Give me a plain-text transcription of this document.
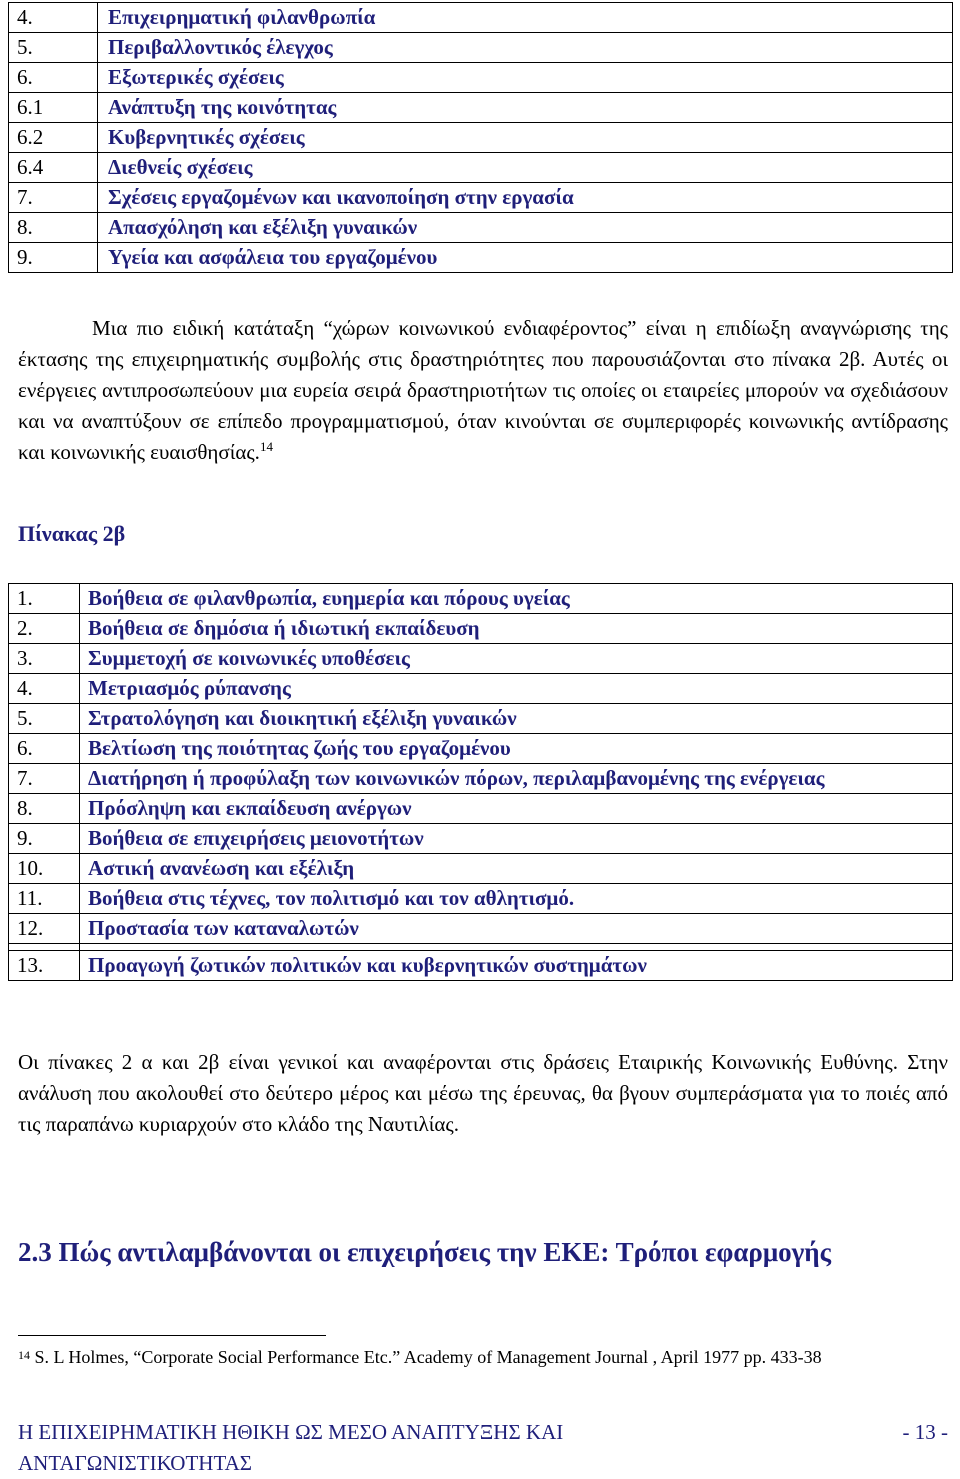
4.	Επιχειρηματική φιλανθρωπία
5.	Περιβαλλοντικός έλεγχος
6.	Εξωτερικές σχέσεις
6.1	Ανάπτυξη της κοινότητας
6.2	Κυβερνητικές σχέσεις
6.4	Διεθνείς σχέσεις
7.	Σχέσεις εργαζομένων και ικανοποίηση στην εργασία
8.	Απασχόληση και εξέλιξη γυναικών
9.	Υγεία και ασφάλεια του εργαζομένου

Μια πιο ειδική κατάταξη “χώρων κοινωνικού ενδιαφέροντος” είναι η επιδίωξη αναγνώρισης της έκτασης της επιχειρηματικής συμβολής στις δραστηριότητες που παρουσιάζονται στο πίνακα 2β. Αυτές οι ενέργειες αντιπροσωπεύουν μια ευρεία σειρά δραστηριοτήτων τις οποίες οι εταιρείες μπορούν να σχεδιάσουν και να αναπτύξουν σε επίπεδο προγραμματισμού, όταν κινούνται σε συμπεριφορές κοινωνικής αντίδρασης και κοινωνικής ευαισθησίας.$^{14}$

Πίνακας 2β

1.	Βοήθεια σε φιλανθρωπία, ευημερία και πόρους υγείας
2.	Βοήθεια σε δημόσια ή ιδιωτική εκπαίδευση
3.	Συμμετοχή σε κοινωνικές υποθέσεις
4.	Μετριασμός ρύπανσης
5.	Στρατολόγηση και διοικητική εξέλιξη γυναικών
6.	Βελτίωση της ποιότητας ζωής του εργαζομένου
7.	Διατήρηση ή προφύλαξη των κοινωνικών πόρων, περιλαμβανομένης της ενέργειας
8.	Πρόσληψη και εκπαίδευση ανέργων
9.	Βοήθεια σε επιχειρήσεις μειονοτήτων
10.	Αστική ανανέωση και εξέλιξη
11.	Βοήθεια στις τέχνες, τον πολιτισμό και τον αθλητισμό.
12.	Προστασία των καταναλωτών

13.	Προαγωγή ζωτικών πολιτικών και κυβερνητικών συστημάτων

Οι πίνακες 2 α και 2β είναι γενικοί και αναφέρονται στις δράσεις Εταιρικής Κοινωνικής Ευθύνης. Στην ανάλυση που ακολουθεί στο δεύτερο μέρος και μέσω της έρευνας, θα βγουν συμπεράσματα για το ποιές από τις παραπάνω κυριαρχούν στο κλάδο της Ναυτιλίας.

2.3 Πώς αντιλαμβάνονται οι επιχειρήσεις την ΕΚΕ: Τρόποι εφαρμογής

$^{14}$ S. L Holmes, “Corporate Social Performance Etc.” Academy of Management Journal , April 1977 pp. 433-38

Η ΕΠΙΧΕΙΡΗΜΑΤΙΚΗ ΗΘΙΚΗ ΩΣ ΜΕΣΟ ΑΝΑΠΤΥΞΗΣ ΚΑΙ ΑΝΤΑΓΩΝΙΣΤΙΚΟΤΗΤΑΣ
- 13 -
